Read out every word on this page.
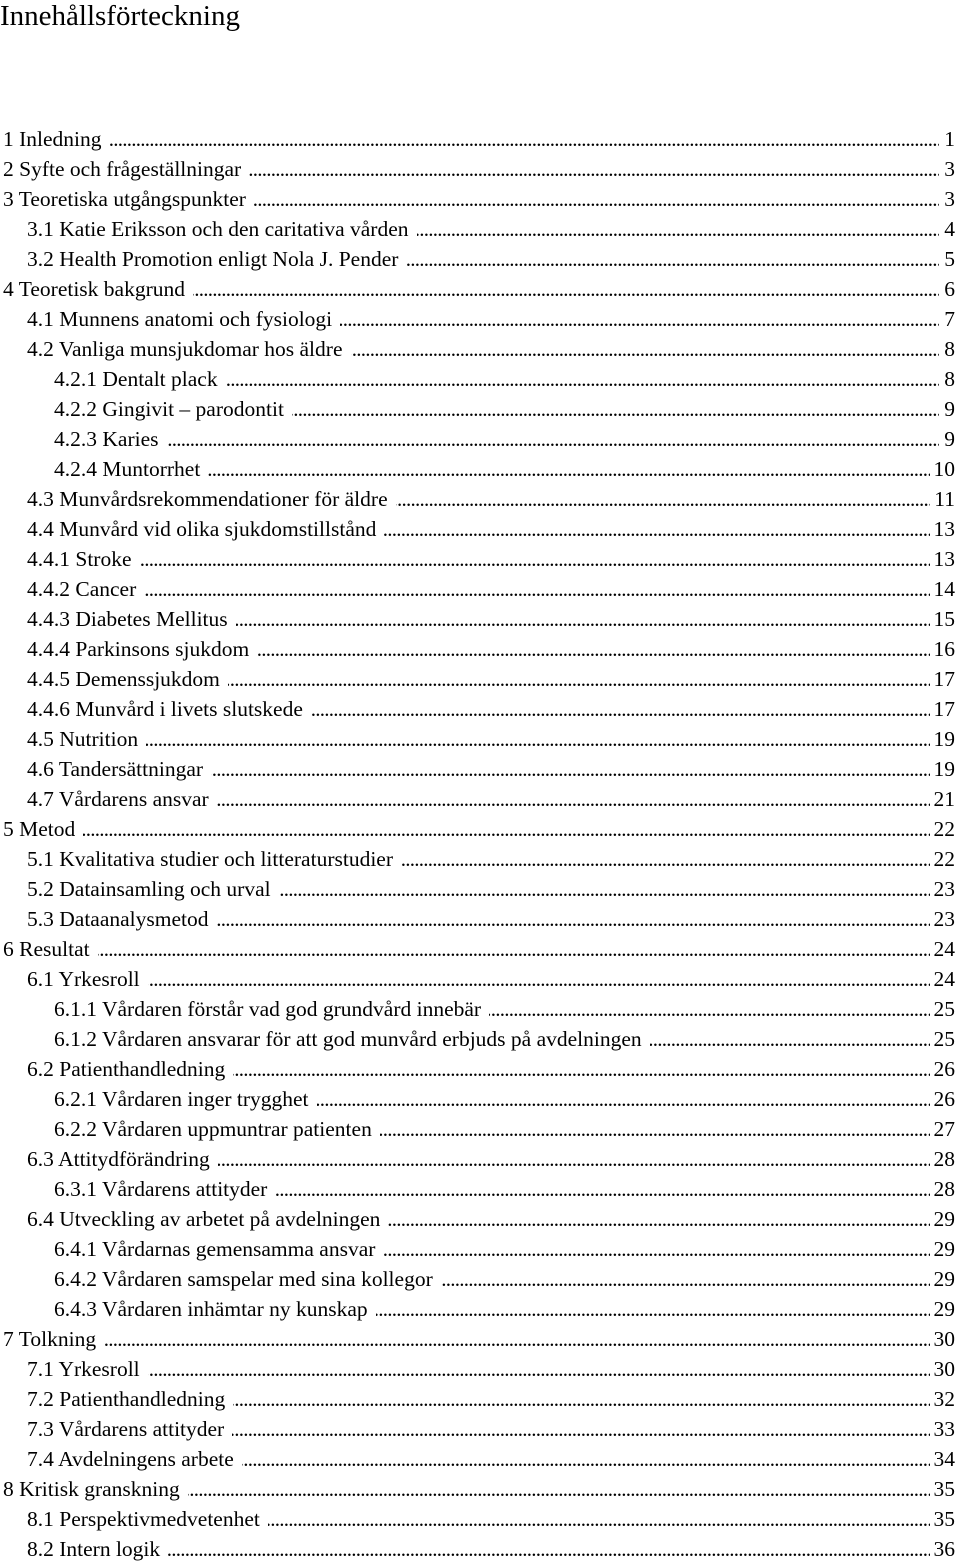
Innehållsförteckning
1 Inledning . . .	1
2 Syfte och frågeställningar . . .	3
3 Teoretiska utgångspunkter . . .	3
3.1 Katie Eriksson och den caritativa vården . . .	4
3.2 Health Promotion enligt Nola J. Pender . . .	5
4 Teoretisk bakgrund . . .	6
4.1 Munnens anatomi och fysiologi . . .	7
4.2 Vanliga munsjukdomar hos äldre . . .	8
4.2.1 Dentalt plack . . .	8
4.2.2 Gingivit – parodontit . . .	9
4.2.3 Karies . . .	9
4.2.4 Muntorrhet . . .	10
4.3 Munvårdsrekommendationer för äldre . . .	11
4.4 Munvård vid olika sjukdomstillstånd . . .	13
4.4.1 Stroke . . .	13
4.4.2 Cancer . . .	14
4.4.3 Diabetes Mellitus . . .	15
4.4.4 Parkinsons sjukdom . . .	16
4.4.5 Demenssjukdom . . .	17
4.4.6 Munvård i livets slutskede . . .	17
4.5 Nutrition . . .	19
4.6 Tandersättningar . . .	19
4.7 Vårdarens ansvar . . .	21
5 Metod . . .	22
5.1 Kvalitativa studier och litteraturstudier . . .	22
5.2 Datainsamling och urval . . .	23
5.3 Dataanalysmetod . . .	23
6 Resultat . . .	24
6.1 Yrkesroll . . .	24
6.1.1 Vårdaren förstår vad god grundvård innebär . . .	25
6.1.2 Vårdaren ansvarar för att god munvård erbjuds på avdelningen . . .	25
6.2 Patienthandledning . . .	26
6.2.1 Vårdaren inger trygghet . . .	26
6.2.2 Vårdaren uppmuntrar patienten . . .	27
6.3 Attitydförändring . . .	28
6.3.1 Vårdarens attityder . . .	28
6.4 Utveckling av arbetet på avdelningen . . .	29
6.4.1 Vårdarnas gemensamma ansvar . . .	29
6.4.2 Vårdaren samspelar med sina kollegor . . .	29
6.4.3 Vårdaren inhämtar ny kunskap . . .	29
7 Tolkning . . .	30
7.1 Yrkesroll . . .	30
7.2 Patienthandledning . . .	32
7.3 Vårdarens attityder . . .	33
7.4 Avdelningens arbete . . .	34
8 Kritisk granskning . . .	35
8.1 Perspektivmedvetenhet . . .	35
8.2 Intern logik . . .	36
